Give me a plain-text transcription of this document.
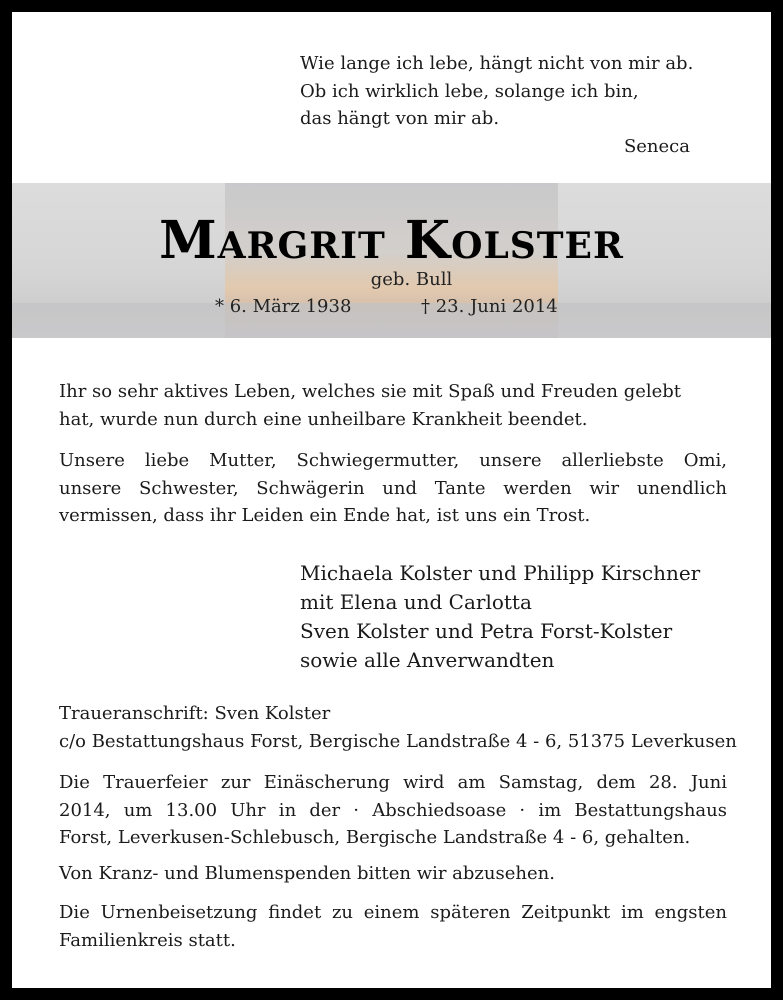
Wie lange ich lebe, hängt nicht von mir ab.
Ob ich wirklich lebe, solange ich bin,
das hängt von mir ab.
Seneca
Margrit Kolster
geb. Bull
* 6. März 1938	† 23. Juni 2014
Ihr so sehr aktives Leben, welches sie mit Spaß und Freuden gelebt
hat, wurde nun durch eine unheilbare Krankheit beendet.
Unsere liebe Mutter, Schwiegermutter, unsere allerliebste Omi,
unsere Schwester, Schwägerin und Tante werden wir unendlich
vermissen, dass ihr Leiden ein Ende hat, ist uns ein Trost.
Michaela Kolster und Philipp Kirschner
mit Elena und Carlotta
Sven Kolster und Petra Forst-Kolster
sowie alle Anverwandten
Traueranschrift: Sven Kolster
c/o Bestattungshaus Forst, Bergische Landstraße 4 - 6, 51375 Leverkusen
Die Trauerfeier zur Einäscherung wird am Samstag, dem 28. Juni
2014, um 13.00 Uhr in der · Abschiedsoase · im Bestattungshaus
Forst, Leverkusen-Schlebusch, Bergische Landstraße 4 - 6, gehalten.
Von Kranz- und Blumenspenden bitten wir abzusehen.
Die Urnenbeisetzung findet zu einem späteren Zeitpunkt im engsten
Familienkreis statt.
